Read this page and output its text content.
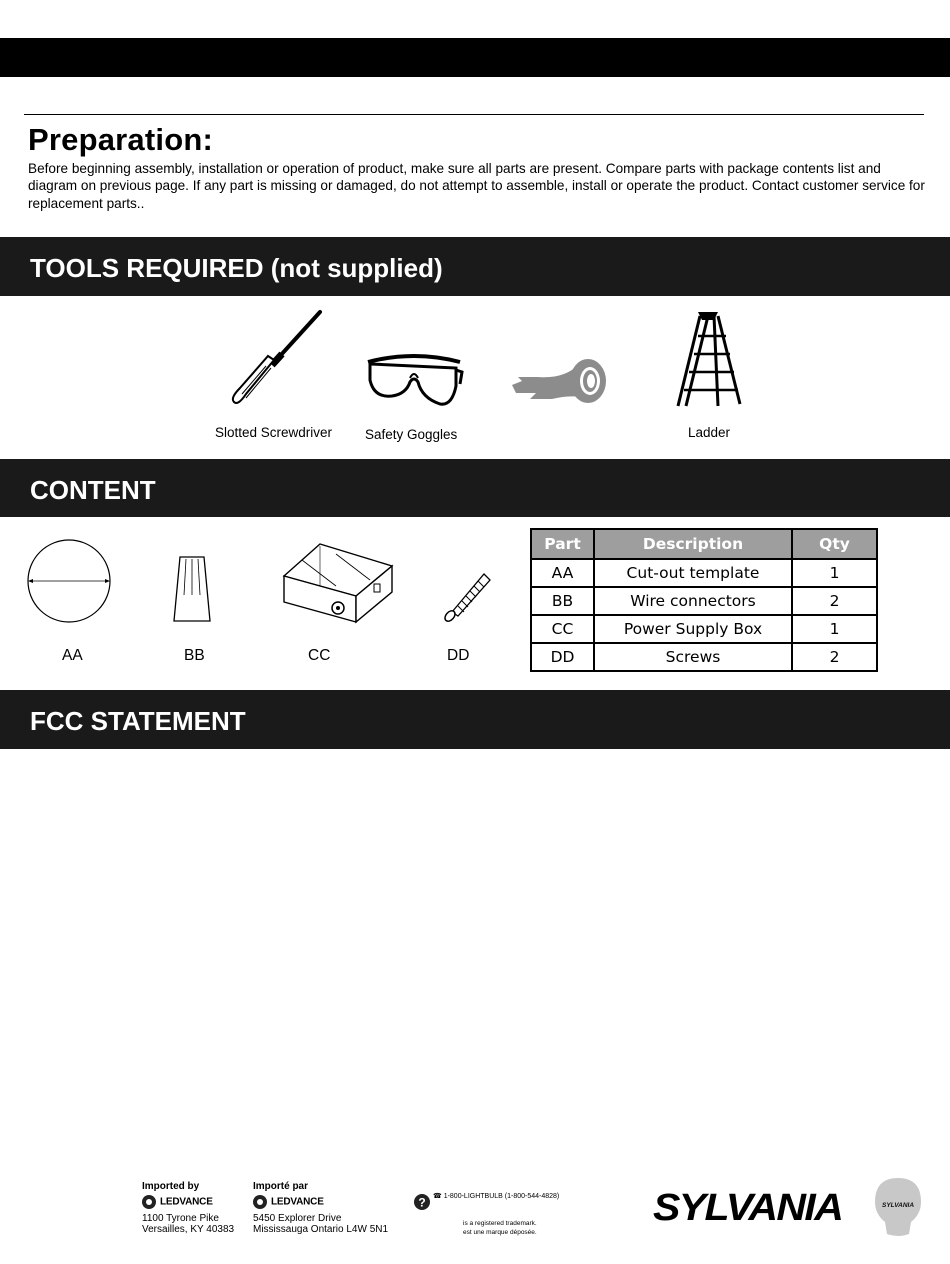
Preparation:

Before beginning assembly, installation or operation of product, make sure all parts are present. Compare parts with package contents list and diagram on previous page. If any part is missing or damaged, do not attempt to assemble, install or operate the product. Contact customer service for replacement parts..

TOOLS REQUIRED (not supplied)
Slotted Screwdriver Safety Goggles	Ladder
CONTENT
AA	BB	CC	DD
Part	Description	Qty
AA	Cut-out template	1
BB	Wire connectors	2
CC	Power Supply Box	1
DD	Screws	2
FCC STATEMENT
Imported by
LEDVANCE
1100 Tyrone Pike
Versailles, KY 40383
Importé par
LEDVANCE
5450 Explorer Drive
Mississauga Ontario L4W 5N1
? ☎ 1-800-LIGHTBULB (1-800-544-4828)
is a registered trademark.
est une marque déposée.
SYLVANIA	SYLVANIA
